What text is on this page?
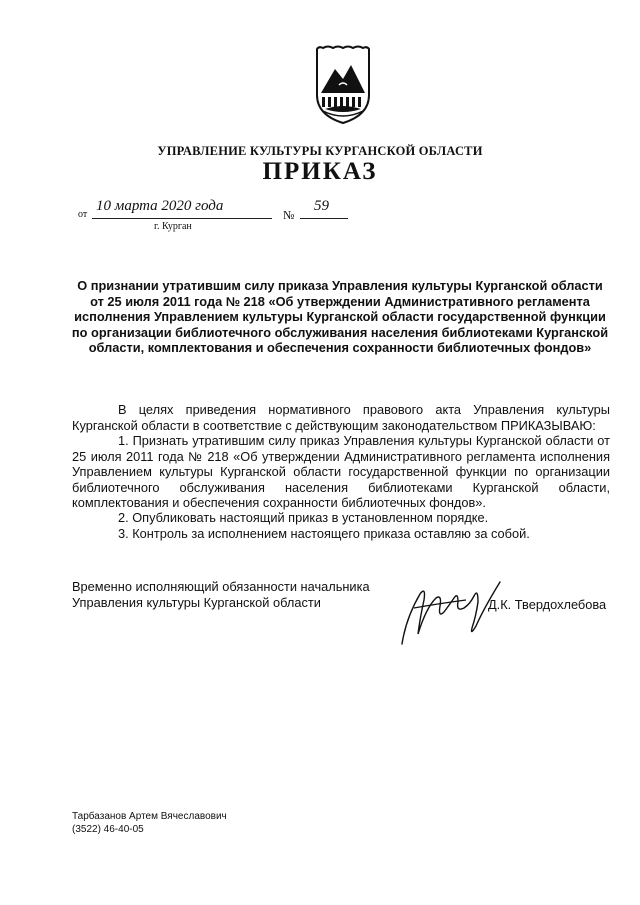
УПРАВЛЕНИЕ КУЛЬТУРЫ КУРГАНСКОЙ ОБЛАСТИ
ПРИКАЗ
от
10 марта 2020 года
№
59
г. Курган
О признании утратившим силу приказа Управления культуры Курганской области от 25 июля 2011 года № 218 «Об утверждении Административного регламента исполнения Управлением культуры Курганской области государственной функции по организации библиотечного обслуживания населения библиотеками Курганской области, комплектования и обеспечения сохранности библиотечных фондов»
В целях приведения нормативного правового акта Управления культуры Курганской области в соответствие с действующим законодательством ПРИКАЗЫВАЮ:
1. Признать утратившим силу приказ Управления культуры Курганской области от 25 июля 2011 года № 218 «Об утверждении Административного регламента исполнения Управлением культуры Курганской области государственной функции по организации библиотечного обслуживания населения библиотеками Курганской области, комплектования и обеспечения сохранности библиотечных фондов».
2. Опубликовать настоящий приказ в установленном порядке.
3. Контроль за исполнением настоящего приказа оставляю за собой.
Временно исполняющий обязанности начальника
Управления культуры Курганской области	Д.К. Твердохлебова
Тарбазанов Артем Вячеславович
(3522) 46-40-05
